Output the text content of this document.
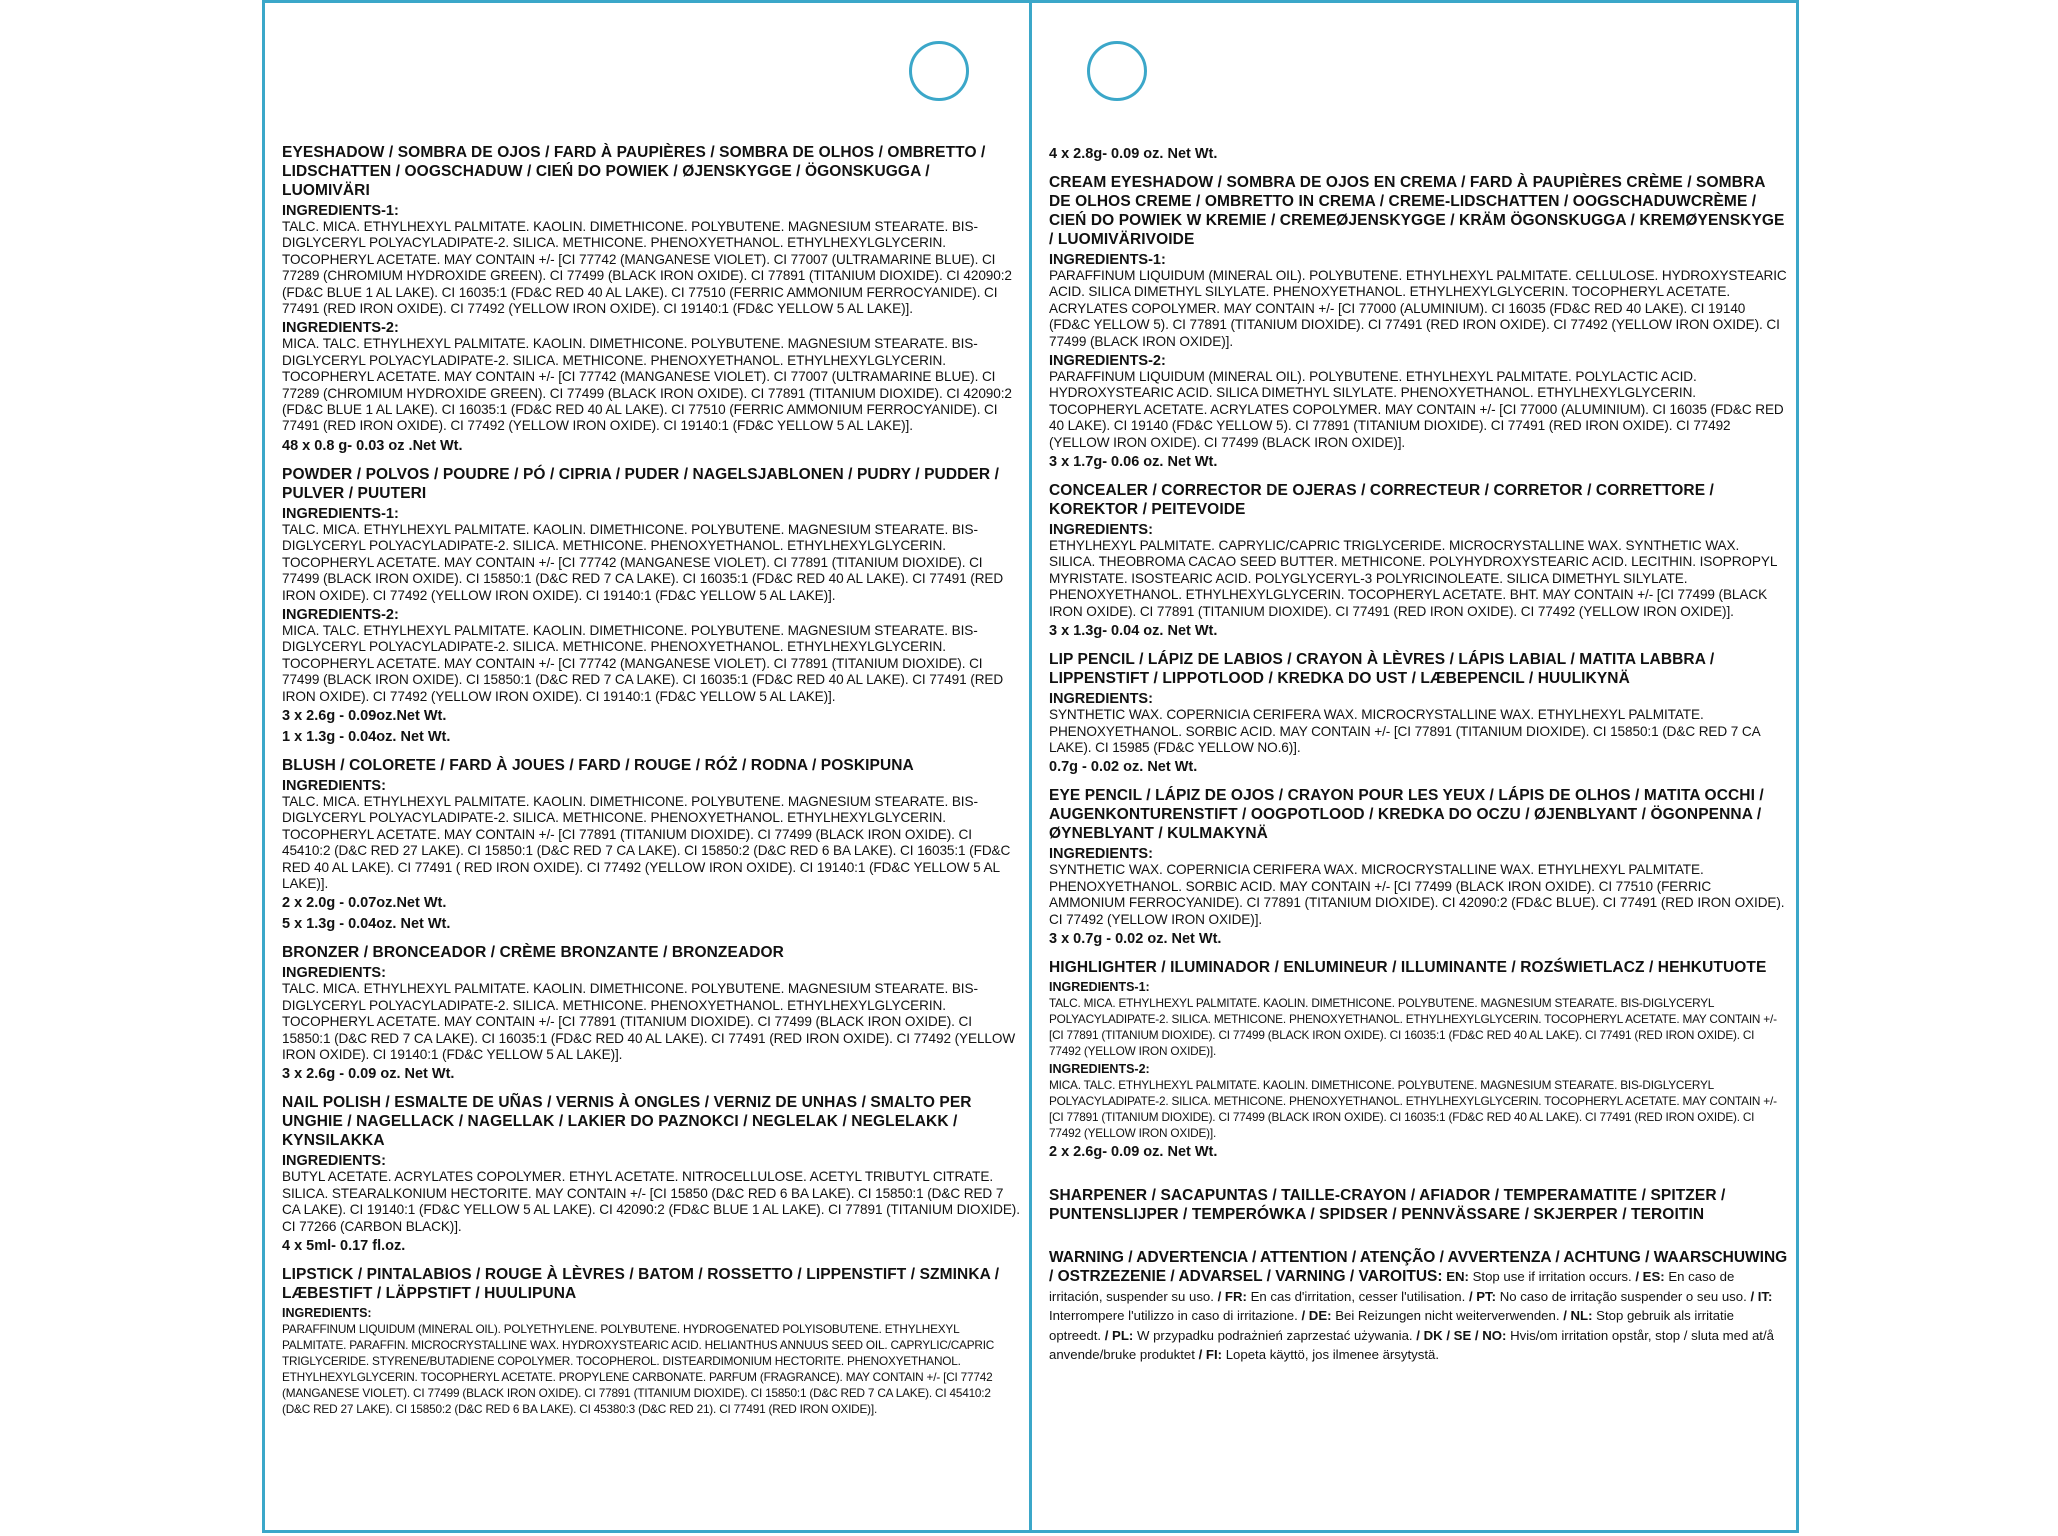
EYESHADOW / SOMBRA DE OJOS / FARD À PAUPIÈRES / SOMBRA DE OLHOS / OMBRETTO / LIDSCHATTEN / OOGSCHADUW / CIEŃ DO POWIEK / ØJENSKYGGE / ÖGONSKUGGA / LUOMIVÄRI
INGREDIENTS-1:
TALC. MICA. ETHYLHEXYL PALMITATE. KAOLIN. DIMETHICONE. POLYBUTENE. MAGNESIUM STEARATE. BIS-DIGLYCERYL POLYACYLADIPATE-2. SILICA. METHICONE. PHENOXYETHANOL. ETHYLHEXYLGLYCERIN. TOCOPHERYL ACETATE. MAY CONTAIN +/- [CI 77742 (MANGANESE VIOLET). CI 77007 (ULTRAMARINE BLUE). CI 77289 (CHROMIUM HYDROXIDE GREEN). CI 77499 (BLACK IRON OXIDE). CI 77891 (TITANIUM DIOXIDE). CI 42090:2 (FD&C BLUE 1 AL LAKE). CI 16035:1 (FD&C RED 40 AL LAKE). CI 77510 (FERRIC AMMONIUM FERROCYANIDE). CI 77491 (RED IRON OXIDE). CI 77492 (YELLOW IRON OXIDE). CI 19140:1 (FD&C YELLOW 5 AL LAKE)].
INGREDIENTS-2:
MICA. TALC. ETHYLHEXYL PALMITATE. KAOLIN. DIMETHICONE. POLYBUTENE. MAGNESIUM STEARATE. BIS-DIGLYCERYL POLYACYLADIPATE-2. SILICA. METHICONE. PHENOXYETHANOL. ETHYLHEXYLGLYCERIN. TOCOPHERYL ACETATE. MAY CONTAIN +/- [CI 77742 (MANGANESE VIOLET). CI 77007 (ULTRAMARINE BLUE). CI 77289 (CHROMIUM HYDROXIDE GREEN). CI 77499 (BLACK IRON OXIDE). CI 77891 (TITANIUM DIOXIDE). CI 42090:2 (FD&C BLUE 1 AL LAKE). CI 16035:1 (FD&C RED 40 AL LAKE). CI 77510 (FERRIC AMMONIUM FERROCYANIDE). CI 77491 (RED IRON OXIDE). CI 77492 (YELLOW IRON OXIDE). CI 19140:1 (FD&C YELLOW 5 AL LAKE)].
48 x 0.8 g- 0.03 oz .Net Wt.
POWDER / POLVOS / POUDRE / PÓ / CIPRIA / PUDER / NAGELSJABLONEN / PUDRY / PUDDER / PULVER / PUUTERI
INGREDIENTS-1:
TALC. MICA. ETHYLHEXYL PALMITATE. KAOLIN. DIMETHICONE. POLYBUTENE. MAGNESIUM STEARATE. BIS-DIGLYCERYL POLYACYLADIPATE-2. SILICA. METHICONE. PHENOXYETHANOL. ETHYLHEXYLGLYCERIN. TOCOPHERYL ACETATE. MAY CONTAIN +/- [CI 77742 (MANGANESE VIOLET). CI 77891 (TITANIUM DIOXIDE). CI 77499 (BLACK IRON OXIDE). CI 15850:1 (D&C RED 7 CA LAKE). CI 16035:1 (FD&C RED 40 AL LAKE). CI 77491 (RED IRON OXIDE). CI 77492 (YELLOW IRON OXIDE). CI 19140:1 (FD&C YELLOW 5 AL LAKE)].
INGREDIENTS-2:
MICA. TALC. ETHYLHEXYL PALMITATE. KAOLIN. DIMETHICONE. POLYBUTENE. MAGNESIUM STEARATE. BIS-DIGLYCERYL POLYACYLADIPATE-2. SILICA. METHICONE. PHENOXYETHANOL. ETHYLHEXYLGLYCERIN. TOCOPHERYL ACETATE. MAY CONTAIN +/- [CI 77742 (MANGANESE VIOLET). CI 77891 (TITANIUM DIOXIDE). CI 77499 (BLACK IRON OXIDE). CI 15850:1 (D&C RED 7 CA LAKE). CI 16035:1 (FD&C RED 40 AL LAKE). CI 77491 (RED IRON OXIDE). CI 77492 (YELLOW IRON OXIDE). CI 19140:1 (FD&C YELLOW 5 AL LAKE)].
3 x 2.6g - 0.09oz.Net Wt.
1 x 1.3g - 0.04oz. Net Wt.
BLUSH / COLORETE / FARD À JOUES / FARD / ROUGE / RÓŻ / RODNA / POSKIPUNA
INGREDIENTS:
TALC. MICA. ETHYLHEXYL PALMITATE. KAOLIN. DIMETHICONE. POLYBUTENE. MAGNESIUM STEARATE. BIS-DIGLYCERYL POLYACYLADIPATE-2. SILICA. METHICONE. PHENOXYETHANOL. ETHYLHEXYLGLYCERIN. TOCOPHERYL ACETATE. MAY CONTAIN +/- [CI 77891 (TITANIUM DIOXIDE). CI 77499 (BLACK IRON OXIDE). CI 45410:2 (D&C RED 27 LAKE). CI 15850:1 (D&C RED 7 CA LAKE). CI 15850:2 (D&C RED 6 BA LAKE). CI 16035:1 (FD&C RED 40 AL LAKE). CI 77491 ( RED IRON OXIDE). CI 77492 (YELLOW IRON OXIDE). CI 19140:1 (FD&C YELLOW 5 AL LAKE)].
2 x 2.0g - 0.07oz.Net Wt.
5 x 1.3g - 0.04oz. Net Wt.
BRONZER / BRONCEADOR / CRÈME BRONZANTE / BRONZEADOR
INGREDIENTS:
TALC. MICA. ETHYLHEXYL PALMITATE. KAOLIN. DIMETHICONE. POLYBUTENE. MAGNESIUM STEARATE. BIS-DIGLYCERYL POLYACYLADIPATE-2. SILICA. METHICONE. PHENOXYETHANOL. ETHYLHEXYLGLYCERIN. TOCOPHERYL ACETATE. MAY CONTAIN +/- [CI 77891 (TITANIUM DIOXIDE). CI 77499 (BLACK IRON OXIDE). CI 15850:1 (D&C RED 7 CA LAKE). CI 16035:1 (FD&C RED 40 AL LAKE). CI 77491 (RED IRON OXIDE). CI 77492 (YELLOW IRON OXIDE). CI 19140:1 (FD&C YELLOW 5 AL LAKE)].
3 x 2.6g - 0.09 oz. Net Wt.
NAIL POLISH / ESMALTE DE UÑAS / VERNIS À ONGLES / VERNIZ DE UNHAS / SMALTO PER UNGHIE / NAGELLACK / NAGELLAK / LAKIER DO PAZNOKCI / NEGLELAK / NEGLELAKK / KYNSILAKKA
INGREDIENTS:
BUTYL ACETATE. ACRYLATES COPOLYMER. ETHYL ACETATE. NITROCELLULOSE. ACETYL TRIBUTYL CITRATE. SILICA. STEARALKONIUM HECTORITE. MAY CONTAIN +/- [CI 15850 (D&C RED 6 BA LAKE). CI 15850:1 (D&C RED 7 CA LAKE). CI 19140:1 (FD&C YELLOW 5 AL LAKE). CI 42090:2 (FD&C BLUE 1 AL LAKE). CI 77891 (TITANIUM DIOXIDE). CI 77266 (CARBON BLACK)].
4 x 5ml- 0.17 fl.oz.
LIPSTICK / PINTALABIOS / ROUGE À LÈVRES / BATOM / ROSSETTO / LIPPENSTIFT / SZMINKA / LÆBESTIFT / LÄPPSTIFT / HUULIPUNA
INGREDIENTS:
PARAFFINUM LIQUIDUM (MINERAL OIL). POLYETHYLENE. POLYBUTENE. HYDROGENATED POLYISOBUTENE. ETHYLHEXYL PALMITATE. PARAFFIN. MICROCRYSTALLINE WAX. HYDROXYSTEARIC ACID. HELIANTHUS ANNUUS SEED OIL. CAPRYLIC/CAPRIC TRIGLYCERIDE. STYRENE/BUTADIENE COPOLYMER. TOCOPHEROL. DISTEARDIMONIUM HECTORITE. PHENOXYETHANOL. ETHYLHEXYLGLYCERIN. TOCOPHERYL ACETATE. PROPYLENE CARBONATE. PARFUM (FRAGRANCE). MAY CONTAIN +/- [CI 77742 (MANGANESE VIOLET). CI 77499 (BLACK IRON OXIDE). CI 77891 (TITANIUM DIOXIDE). CI 15850:1 (D&C RED 7 CA LAKE). CI 45410:2 (D&C RED 27 LAKE). CI 15850:2 (D&C RED 6 BA LAKE). CI 45380:3 (D&C RED 21). CI 77491 (RED IRON OXIDE)].
4 x 2.8g- 0.09 oz. Net Wt.
CREAM EYESHADOW / SOMBRA DE OJOS EN CREMA / FARD À PAUPIÈRES CRÈME / SOMBRA DE OLHOS CREME / OMBRETTO IN CREMA / CREME-LIDSCHATTEN / OOGSCHADUWCRÈME / CIEŃ DO POWIEK W KREMIE / CREMEØJENSKYGGE / KRÄM ÖGONSKUGGA / KREMØYENSKYGE / LUOMIVÄRIVOIDE
INGREDIENTS-1:
PARAFFINUM LIQUIDUM (MINERAL OIL). POLYBUTENE. ETHYLHEXYL PALMITATE. CELLULOSE. HYDROXYSTEARIC ACID. SILICA DIMETHYL SILYLATE. PHENOXYETHANOL. ETHYLHEXYLGLYCERIN. TOCOPHERYL ACETATE. ACRYLATES COPOLYMER. MAY CONTAIN +/- [CI 77000 (ALUMINIUM). CI 16035 (FD&C RED 40 LAKE). CI 19140 (FD&C YELLOW 5). CI 77891 (TITANIUM DIOXIDE). CI 77491 (RED IRON OXIDE). CI 77492 (YELLOW IRON OXIDE). CI 77499 (BLACK IRON OXIDE)].
INGREDIENTS-2:
PARAFFINUM LIQUIDUM (MINERAL OIL). POLYBUTENE. ETHYLHEXYL PALMITATE. POLYLACTIC ACID. HYDROXYSTEARIC ACID. SILICA DIMETHYL SILYLATE. PHENOXYETHANOL. ETHYLHEXYLGLYCERIN. TOCOPHERYL ACETATE. ACRYLATES COPOLYMER. MAY CONTAIN +/- [CI 77000 (ALUMINIUM). CI 16035 (FD&C RED 40 LAKE). CI 19140 (FD&C YELLOW 5). CI 77891 (TITANIUM DIOXIDE). CI 77491 (RED IRON OXIDE). CI 77492 (YELLOW IRON OXIDE). CI 77499 (BLACK IRON OXIDE)].
3 x 1.7g- 0.06 oz. Net Wt.
CONCEALER / CORRECTOR DE OJERAS / CORRECTEUR / CORRETOR / CORRETTORE / KOREKTOR / PEITEVOIDE
INGREDIENTS:
ETHYLHEXYL PALMITATE. CAPRYLIC/CAPRIC TRIGLYCERIDE. MICROCRYSTALLINE WAX. SYNTHETIC WAX. SILICA. THEOBROMA CACAO SEED BUTTER. METHICONE. POLYHYDROXYSTEARIC ACID. LECITHIN. ISOPROPYL MYRISTATE. ISOSTEARIC ACID. POLYGLYCERYL-3 POLYRICINOLEATE. SILICA DIMETHYL SILYLATE. PHENOXYETHANOL. ETHYLHEXYLGLYCERIN. TOCOPHERYL ACETATE. BHT. MAY CONTAIN +/- [CI 77499 (BLACK IRON OXIDE). CI 77891 (TITANIUM DIOXIDE). CI 77491 (RED IRON OXIDE). CI 77492 (YELLOW IRON OXIDE)].
3 x 1.3g- 0.04 oz. Net Wt.
LIP PENCIL / LÁPIZ DE LABIOS / CRAYON À LÈVRES / LÁPIS LABIAL / MATITA LABBRA / LIPPENSTIFT / LIPPOTLOOD / KREDKA DO UST / LÆBEPENCIL / HUULIKYNÄ
INGREDIENTS:
SYNTHETIC WAX. COPERNICIA CERIFERA WAX. MICROCRYSTALLINE WAX. ETHYLHEXYL PALMITATE. PHENOXYETHANOL. SORBIC ACID. MAY CONTAIN +/- [CI 77891 (TITANIUM DIOXIDE). CI 15850:1 (D&C RED 7 CA LAKE). CI 15985 (FD&C YELLOW NO.6)].
0.7g - 0.02 oz. Net Wt.
EYE PENCIL / LÁPIZ DE OJOS / CRAYON POUR LES YEUX / LÁPIS DE OLHOS / MATITA OCCHI / AUGENKONTURENSTIFT / OOGPOTLOOD / KREDKA DO OCZU / ØJENBLYANT / ÖGONPENNA / ØYNEBLYANT / KULMAKYNÄ
INGREDIENTS:
SYNTHETIC WAX. COPERNICIA CERIFERA WAX. MICROCRYSTALLINE WAX. ETHYLHEXYL PALMITATE. PHENOXYETHANOL. SORBIC ACID. MAY CONTAIN +/- [CI 77499 (BLACK IRON OXIDE). CI 77510 (FERRIC AMMONIUM FERROCYANIDE). CI 77891 (TITANIUM DIOXIDE). CI 42090:2 (FD&C BLUE). CI 77491 (RED IRON OXIDE). CI 77492 (YELLOW IRON OXIDE)].
3 x 0.7g - 0.02 oz. Net Wt.
HIGHLIGHTER / ILUMINADOR / ENLUMINEUR / ILLUMINANTE / ROZŚWIETLACZ / HEHKUTUOTE
INGREDIENTS-1:
TALC. MICA. ETHYLHEXYL PALMITATE. KAOLIN. DIMETHICONE. POLYBUTENE. MAGNESIUM STEARATE. BIS-DIGLYCERYL POLYACYLADIPATE-2. SILICA. METHICONE. PHENOXYETHANOL. ETHYLHEXYLGLYCERIN. TOCOPHERYL ACETATE. MAY CONTAIN +/- [CI 77891 (TITANIUM DIOXIDE). CI 77499 (BLACK IRON OXIDE). CI 16035:1 (FD&C RED 40 AL LAKE). CI 77491 (RED IRON OXIDE). CI 77492 (YELLOW IRON OXIDE)].
INGREDIENTS-2:
MICA. TALC. ETHYLHEXYL PALMITATE. KAOLIN. DIMETHICONE. POLYBUTENE. MAGNESIUM STEARATE. BIS-DIGLYCERYL POLYACYLADIPATE-2. SILICA. METHICONE. PHENOXYETHANOL. ETHYLHEXYLGLYCERIN. TOCOPHERYL ACETATE. MAY CONTAIN +/- [CI 77891 (TITANIUM DIOXIDE). CI 77499 (BLACK IRON OXIDE). CI 16035:1 (FD&C RED 40 AL LAKE). CI 77491 (RED IRON OXIDE). CI 77492 (YELLOW IRON OXIDE)].
2 x 2.6g- 0.09 oz. Net Wt.
SHARPENER / SACAPUNTAS / TAILLE-CRAYON / AFIADOR / TEMPERAMATITE / SPITZER / PUNTENSLIJPER / TEMPERÓWKA / SPIDSER / PENNVÄSSARE / SKJERPER / TEROITIN
WARNING / ADVERTENCIA / ATTENTION / ATENÇÃO / AVVERTENZA / ACHTUNG / WAARSCHUWING / OSTRZEZENIE / ADVARSEL / VARNING / VAROITUS: EN: Stop use if irritation occurs. / ES: En caso de irritación, suspender su uso. / FR: En cas d'irritation, cesser l'utilisation. / PT: No caso de irritação suspender o seu uso. / IT: Interrompere l'utilizzo in caso di irritazione. / DE: Bei Reizungen nicht weiterverwenden. / NL: Stop gebruik als irritatie optreedt. / PL: W przypadku podrażnień zaprzestać używania. / DK / SE / NO: Hvis/om irritation opstår, stop / sluta med at/å anvende/bruke produktet / FI: Lopeta käyttö, jos ilmenee ärsytystä.
